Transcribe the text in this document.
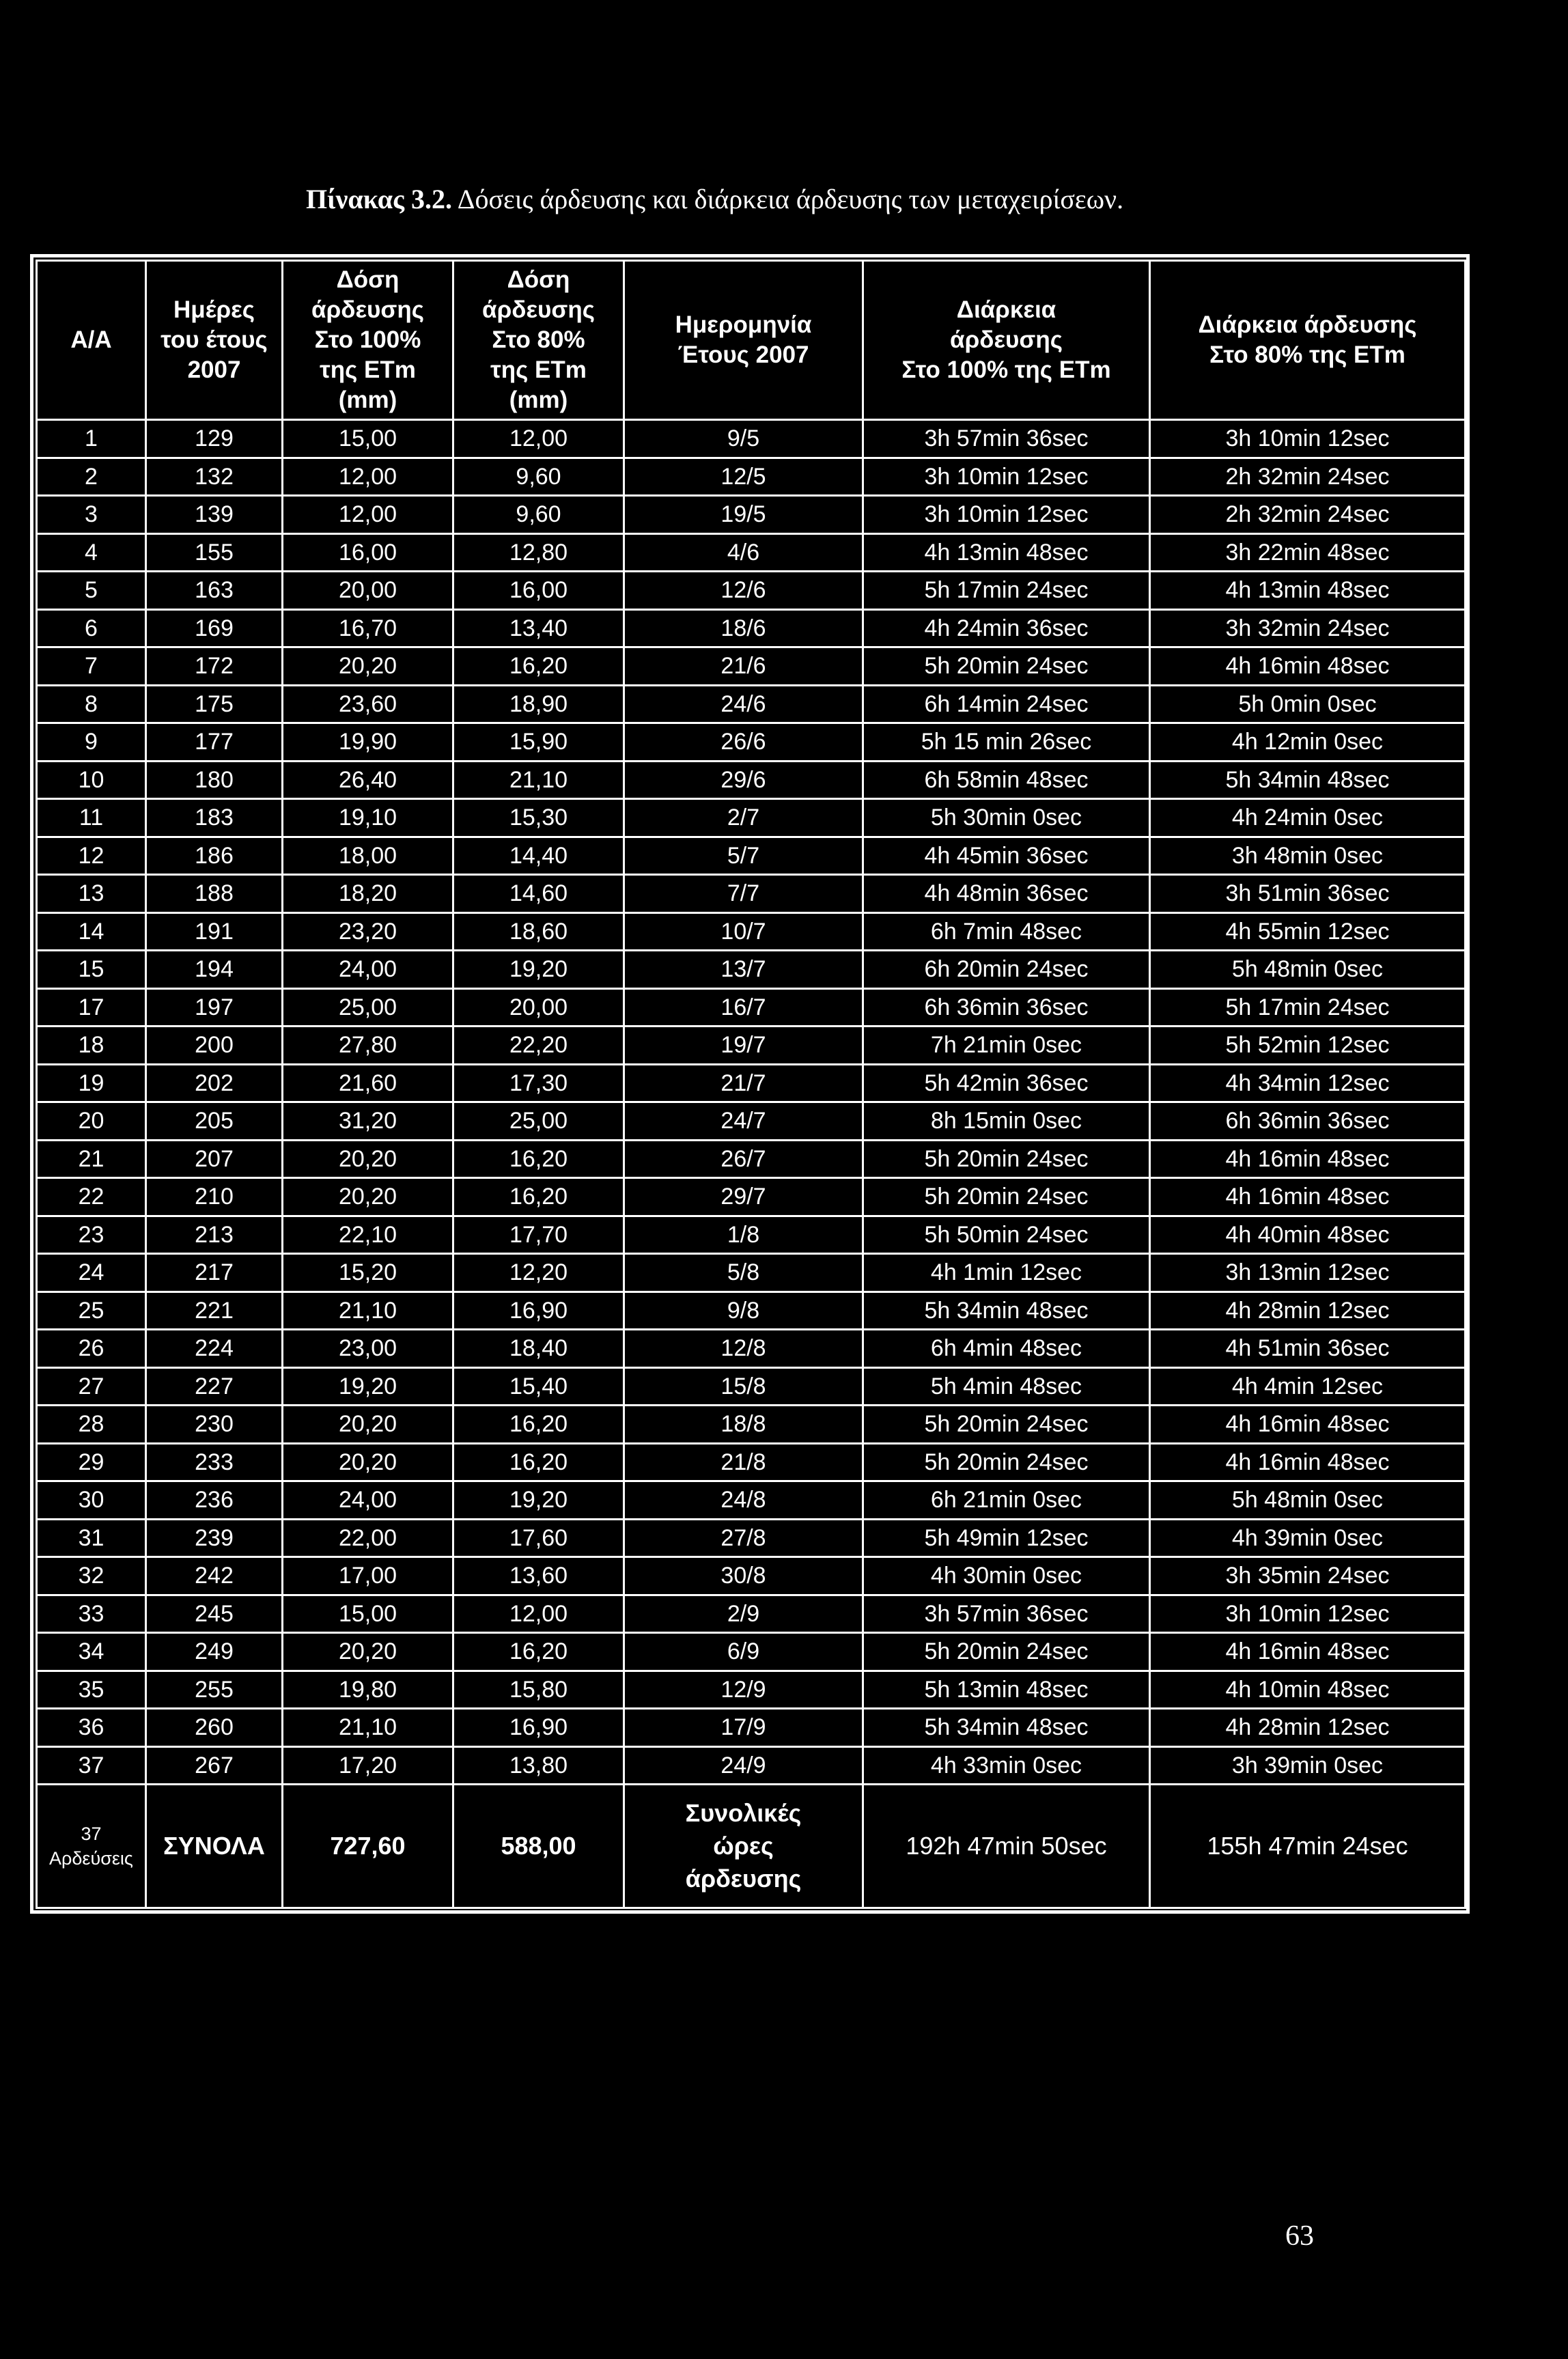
Πίνακας 3.2. Δόσεις άρδευσης και διάρκεια άρδευσης των μεταχειρίσεων.
Α/Α	Ημέρες
του έτους
2007	Δόση
άρδευσης
Στο 100%
της ETm
(mm)	Δόση
άρδευσης
Στο 80%
της ETm
(mm)	Ημερομηνία
Έτους 2007	Διάρκεια
άρδευσης
Στο 100% της ETm	Διάρκεια άρδευσης
Στο 80% της ETm

1	129	15,00	12,00	9/5	3h 57min 36sec	3h 10min 12sec
2	132	12,00	9,60	12/5	3h 10min 12sec	2h 32min 24sec
3	139	12,00	9,60	19/5	3h 10min 12sec	2h 32min 24sec
4	155	16,00	12,80	4/6	4h 13min 48sec	3h 22min 48sec
5	163	20,00	16,00	12/6	5h 17min 24sec	4h 13min 48sec
6	169	16,70	13,40	18/6	4h 24min 36sec	3h 32min 24sec
7	172	20,20	16,20	21/6	5h 20min 24sec	4h 16min 48sec
8	175	23,60	18,90	24/6	6h 14min 24sec	5h 0min 0sec
9	177	19,90	15,90	26/6	5h 15 min 26sec	4h 12min 0sec
10	180	26,40	21,10	29/6	6h 58min 48sec	5h 34min 48sec
11	183	19,10	15,30	2/7	5h 30min 0sec	4h 24min 0sec
12	186	18,00	14,40	5/7	4h 45min 36sec	3h 48min 0sec
13	188	18,20	14,60	7/7	4h 48min 36sec	3h 51min 36sec
14	191	23,20	18,60	10/7	6h 7min 48sec	4h 55min 12sec
15	194	24,00	19,20	13/7	6h 20min 24sec	5h 48min 0sec
17	197	25,00	20,00	16/7	6h 36min 36sec	5h 17min 24sec
18	200	27,80	22,20	19/7	7h 21min 0sec	5h 52min 12sec
19	202	21,60	17,30	21/7	5h 42min 36sec	4h 34min 12sec
20	205	31,20	25,00	24/7	8h 15min 0sec	6h 36min 36sec
21	207	20,20	16,20	26/7	5h 20min 24sec	4h 16min 48sec
22	210	20,20	16,20	29/7	5h 20min 24sec	4h 16min 48sec
23	213	22,10	17,70	1/8	5h 50min 24sec	4h 40min 48sec
24	217	15,20	12,20	5/8	4h 1min 12sec	3h 13min 12sec
25	221	21,10	16,90	9/8	5h 34min 48sec	4h 28min 12sec
26	224	23,00	18,40	12/8	6h 4min 48sec	4h 51min 36sec
27	227	19,20	15,40	15/8	5h 4min 48sec	4h 4min 12sec
28	230	20,20	16,20	18/8	5h 20min 24sec	4h 16min 48sec
29	233	20,20	16,20	21/8	5h 20min 24sec	4h 16min 48sec
30	236	24,00	19,20	24/8	6h 21min 0sec	5h 48min 0sec
31	239	22,00	17,60	27/8	5h 49min 12sec	4h 39min 0sec
32	242	17,00	13,60	30/8	4h 30min 0sec	3h 35min 24sec
33	245	15,00	12,00	2/9	3h 57min 36sec	3h 10min 12sec
34	249	20,20	16,20	6/9	5h 20min 24sec	4h 16min 48sec
35	255	19,80	15,80	12/9	5h 13min 48sec	4h 10min 48sec
36	260	21,10	16,90	17/9	5h 34min 48sec	4h 28min 12sec
37	267	17,20	13,80	24/9	4h 33min 0sec	3h 39min 0sec

37
Αρδεύσεις	ΣΥΝΟΛΑ	727,60	588,00	Συνολικές
ώρες
άρδευσης	192h 47min 50sec	155h 47min 24sec
63
